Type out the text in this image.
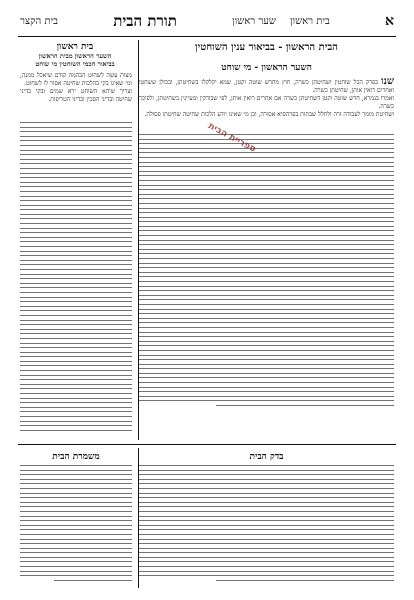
א
בית ראשון
שער ראשון
תורת הבית
בית הקצר
הבית הראשון - בביאור ענין השוחטין
השער הראשון - מי שוחט

שנו בפרק הכל שוחטין ושחיטתן כשרה, חוץ מחרש שוטה וקטן, שמא יקלקלו בשחיטתן, ובכולן ששחטו ואחרים רואין אותן, שחיטתן כשרה.

ואמרו בגמרא, חרש שוטה וקטן דשחיטתן כשרה אם אחרים רואין אותן, לפי שבודקין ומעיינין בשחיטתן, ולפיכך כשרה.

ושחיטת מומר לעבודה זרה ולחלל שבתות בפרהסיא אסורה, וכן מי שאינו יודע הלכות שחיטה שחיטתו פסולה.

בית ראשון
השער הראשון מבית הראשון
בביאור חכמי השוחטין מי שוחט

מצות עשה לשחוט הבהמה קודם שיאכל ממנה, ומי שאינו בקי בהלכות שחיטה אסור לו לשחוט.

וצריך שיהא השוחט ירא שמים ובקי בדיני שחיטה ובדיני הסכין ובדיני הטריפות.

ספריית הבית
בדק הבית
משמרת הבית
